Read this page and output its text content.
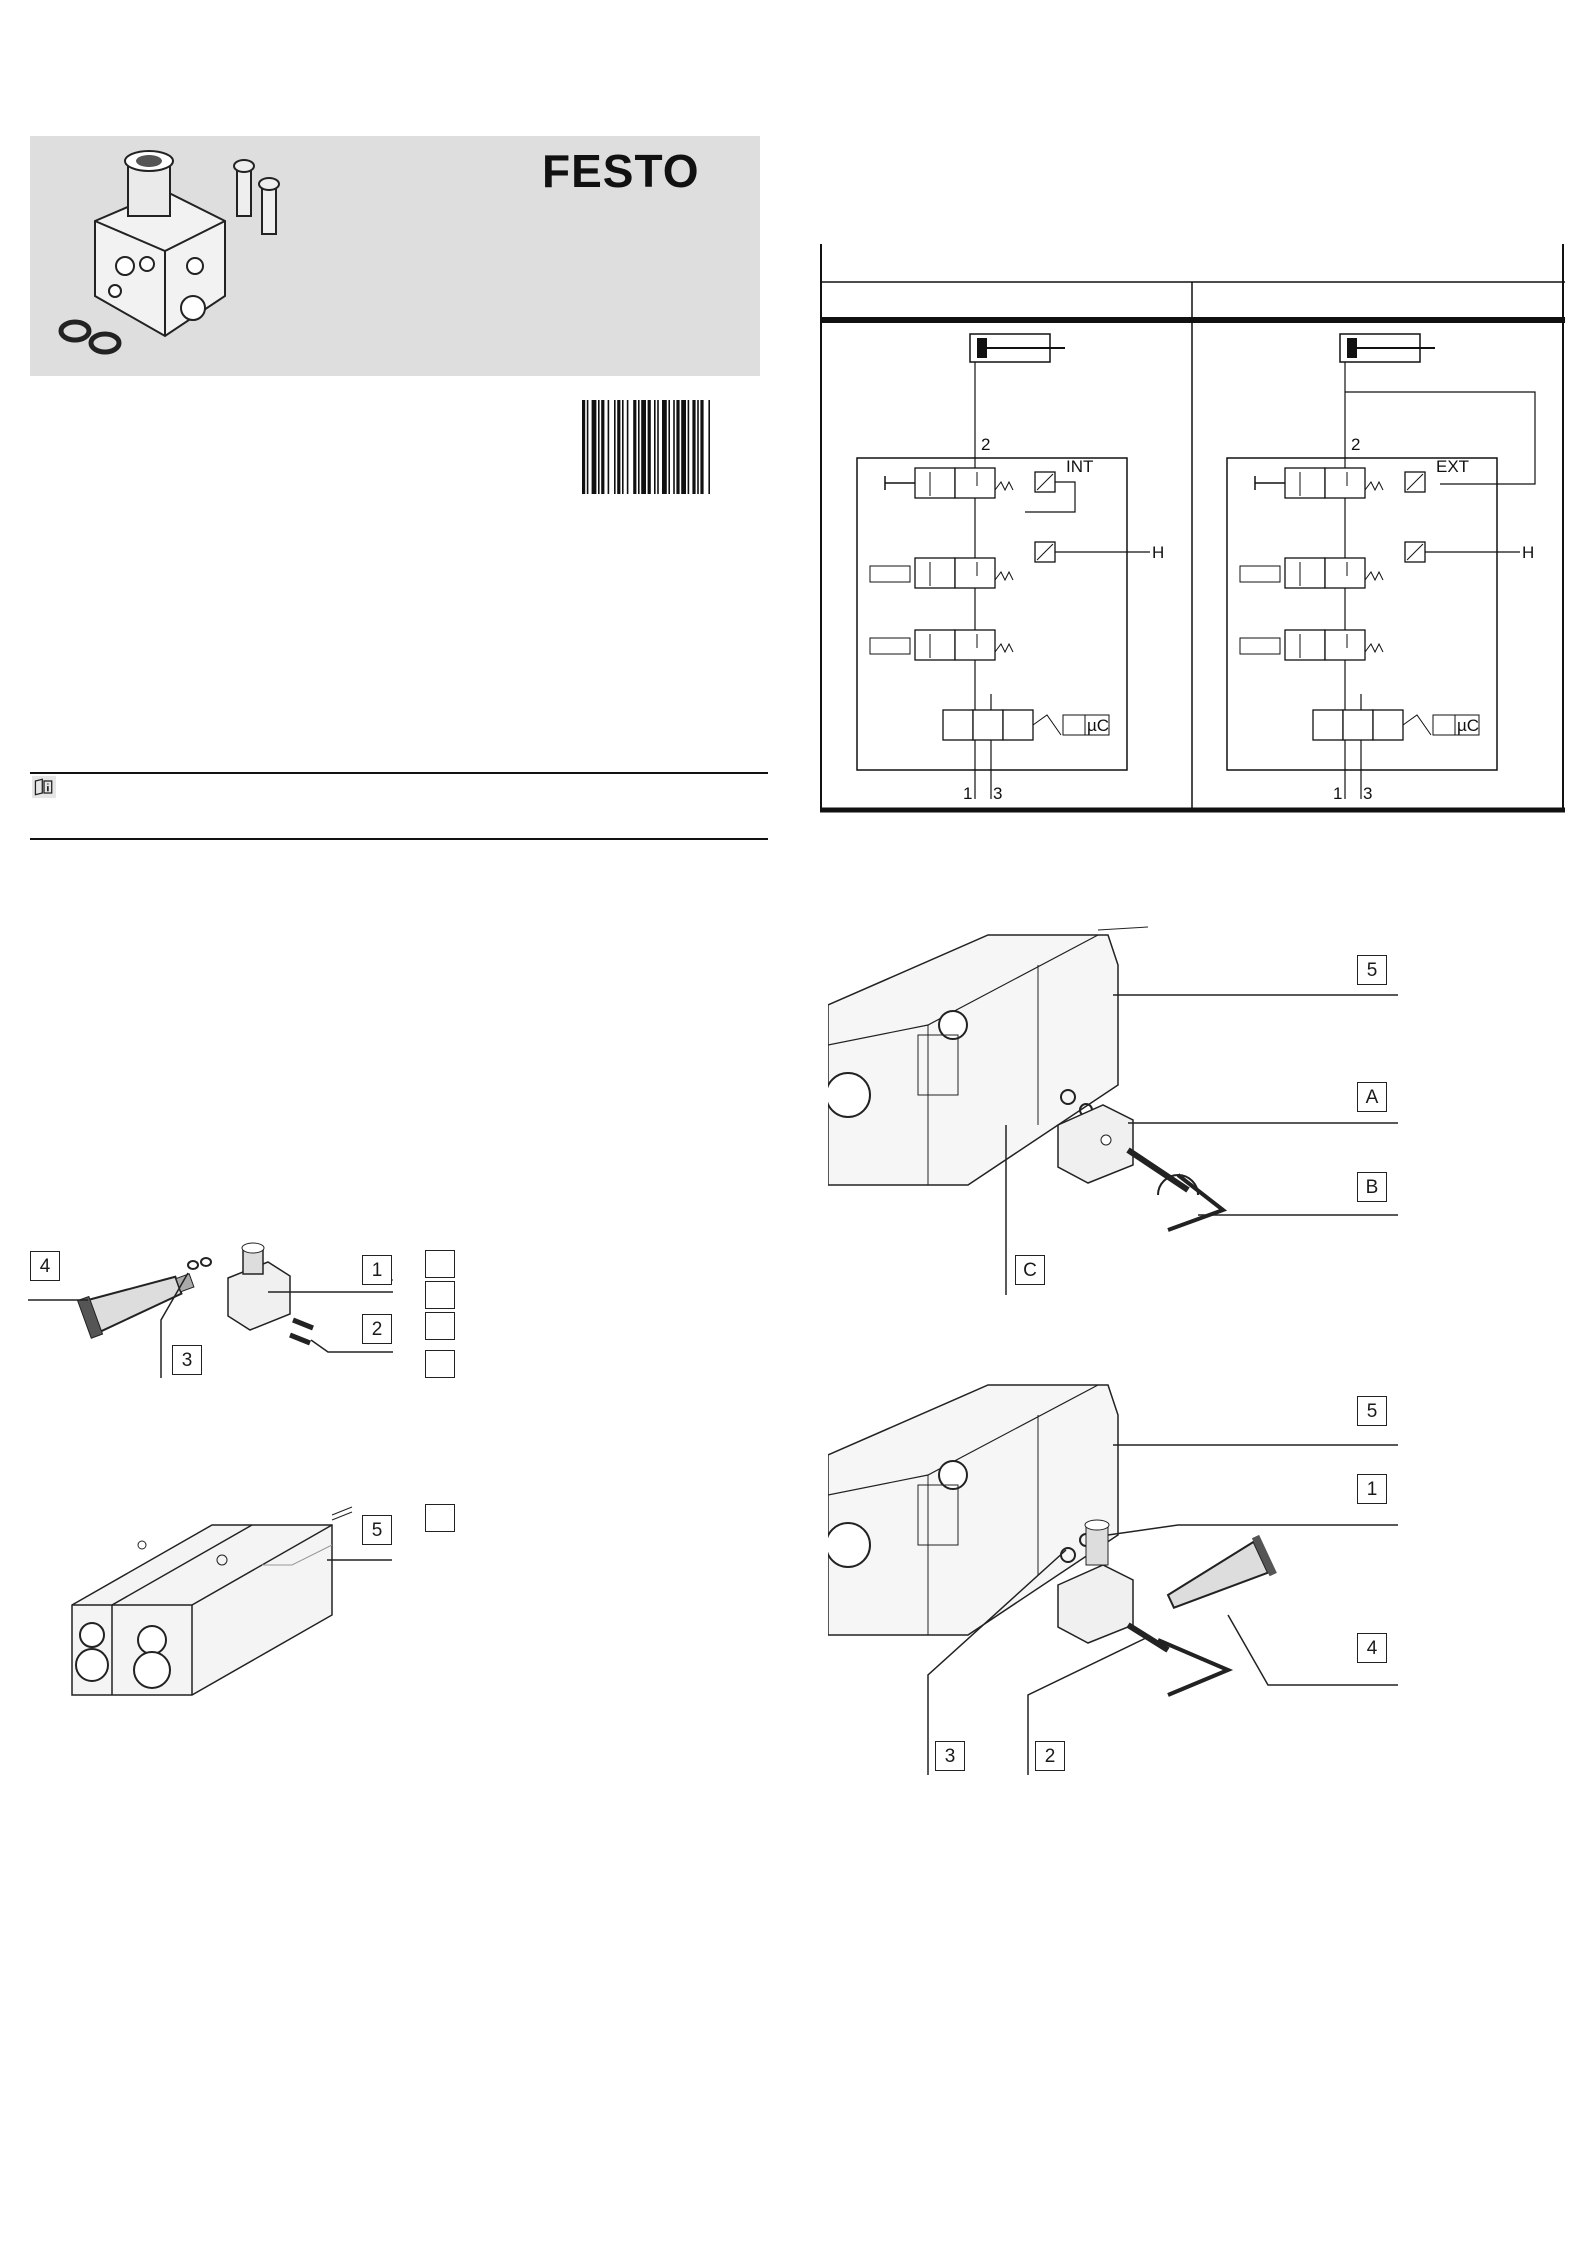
FESTO
4	1
2
3
5
2
1 3
H
INT
µC
2
1 3
H
EXT
µC
5
A
B
C
5
1
4
3	2
